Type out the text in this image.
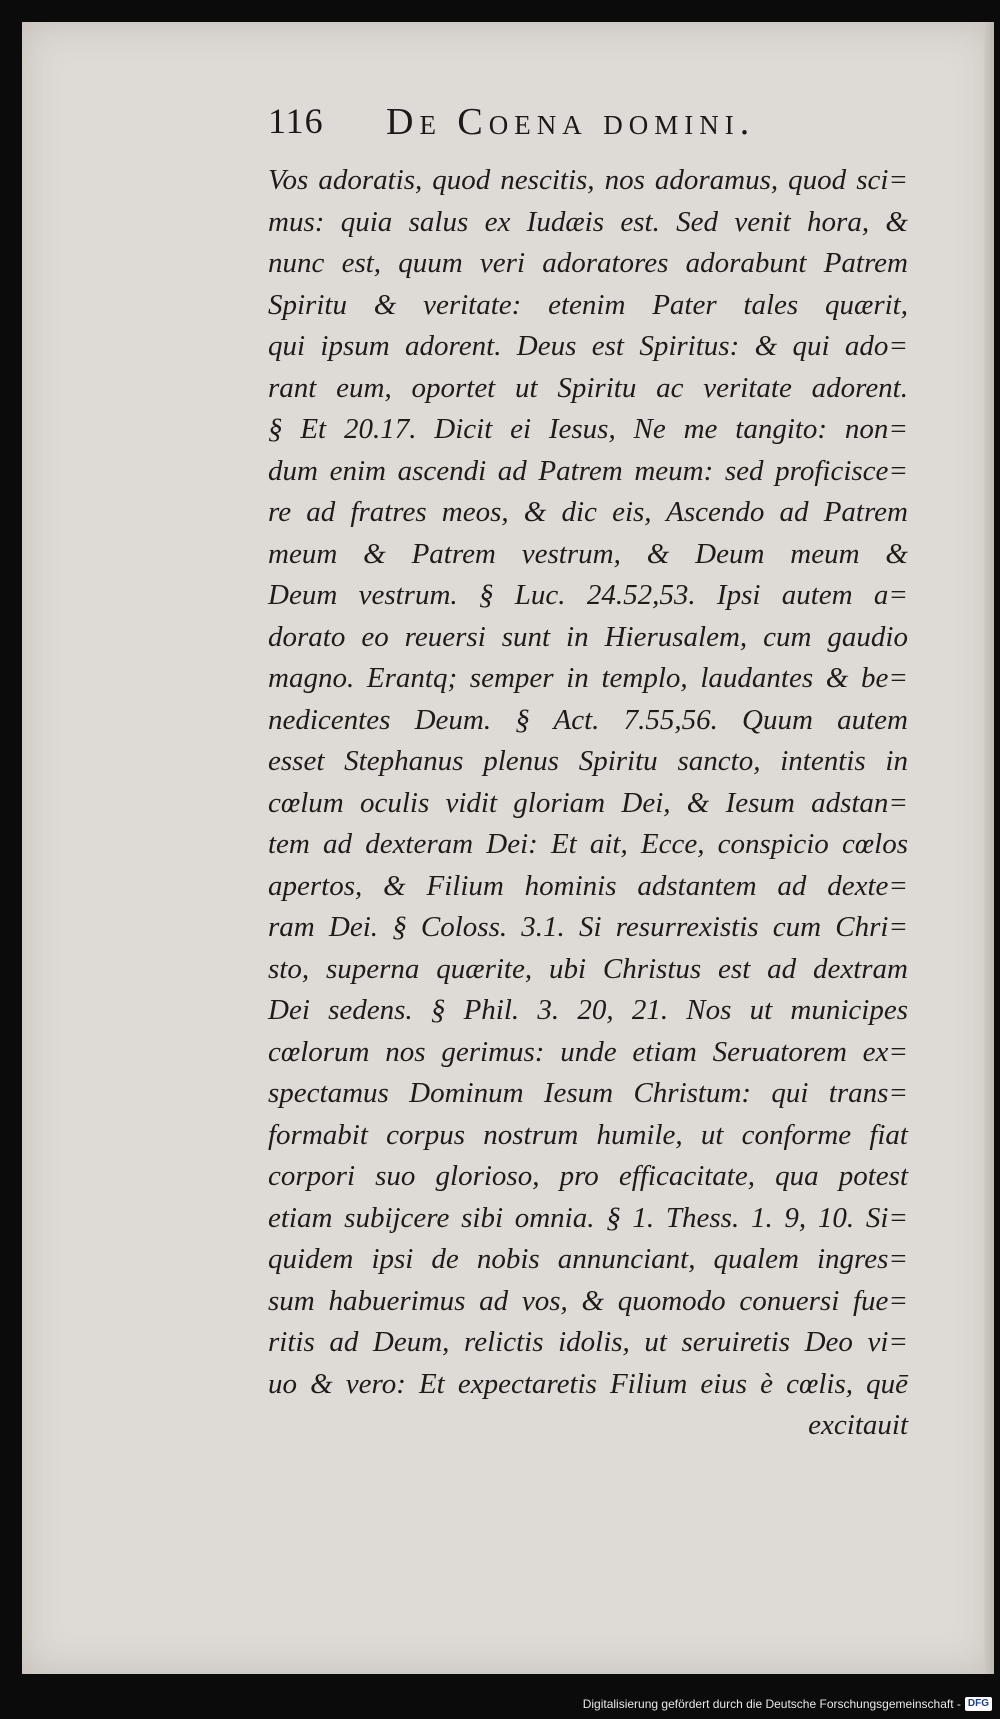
116 De Coena domini.
Vos adoratis, quod nescitis, nos adoramus, quod sci=
mus: quia salus ex Iudæis est. Sed venit hora, &
nunc est, quum veri adoratores adorabunt Patrem
Spiritu & veritate: etenim Pater tales quærit,
qui ipsum adorent. Deus est Spiritus: & qui ado=
rant eum, oportet ut Spiritu ac veritate adorent.
§ Et 20.17. Dicit ei Iesus, Ne me tangito: non=
dum enim ascendi ad Patrem meum: sed proficisce=
re ad fratres meos, & dic eis, Ascendo ad Patrem
meum & Patrem vestrum, & Deum meum &
Deum vestrum. § Luc. 24.52,53. Ipsi autem a=
dorato eo reuersi sunt in Hierusalem, cum gaudio
magno. Erantq; semper in templo, laudantes & be=
nedicentes Deum. § Act. 7.55,56. Quum autem
esset Stephanus plenus Spiritu sancto, intentis in
cœlum oculis vidit gloriam Dei, & Iesum adstan=
tem ad dexteram Dei: Et ait, Ecce, conspicio cœlos
apertos, & Filium hominis adstantem ad dexte=
ram Dei. § Coloss. 3.1. Si resurrexistis cum Chri=
sto, superna quærite, ubi Christus est ad dextram
Dei sedens. § Phil. 3. 20, 21. Nos ut municipes
cœlorum nos gerimus: unde etiam Seruatorem ex=
spectamus Dominum Iesum Christum: qui trans=
formabit corpus nostrum humile, ut conforme fiat
corpori suo glorioso, pro efficacitate, qua potest
etiam subijcere sibi omnia. § 1. Thess. 1. 9, 10. Si=
quidem ipsi de nobis annunciant, qualem ingres=
sum habuerimus ad vos, & quomodo conuersi fue=
ritis ad Deum, relictis idolis, ut seruiretis Deo vi=
uo & vero: Et expectaretis Filium eius è cœlis, quē
excitauit
Digitalisierung gefördert durch die Deutsche Forschungsgemeinschaft - DFG
